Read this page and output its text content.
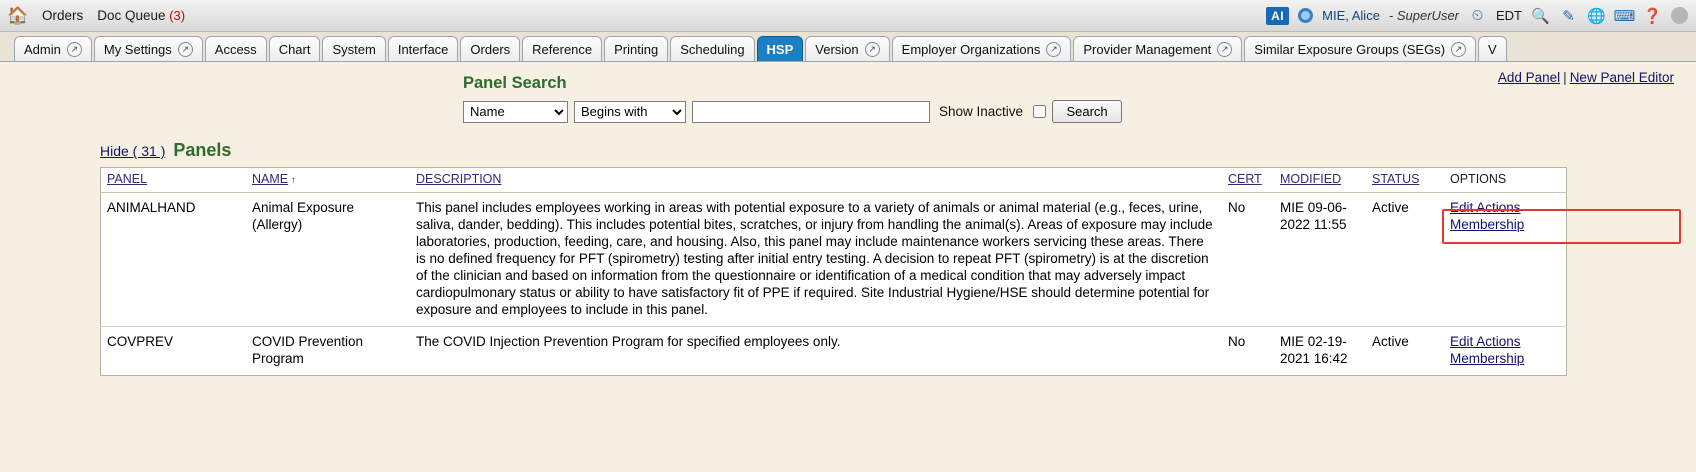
🏠 Orders Doc Queue (3)	AI	MIE, Alice - SuperUser ⏲ EDT 🔍 ✎ 🌐 ⌨ ❓
Admin	↗ My Settings	↗ Access Chart System Interface Orders Reference Printing Scheduling HSP Version	↗ Employer Organizations	↗ Provider Management	↗ Similar Exposure Groups (SEGs)	↗ V
Add Panel | New Panel Editor
Panel Search
Name
Begins with
Show Inactive	Search
Hide ( 31 ) Panels
PANEL	NAME ↑	DESCRIPTION	CERT	MODIFIED	STATUS	OPTIONS
ANIMALHAND	Animal Exposure (Allergy)	This panel includes employees working in areas with potential exposure to a variety of animals or animal material (e.g., feces, urine, saliva, dander, bedding). This includes potential bites, scratches, or injury from handling the animal(s). Areas of exposure may include laboratories, production, feeding, care, and housing. Also, this panel may include maintenance workers servicing these areas. There is no defined frequency for PFT (spirometry) testing after initial entry testing. A decision to repeat PFT (spirometry) is at the discretion of the clinician and based on information from the questionnaire or identification of a medical condition that may adversely impact cardiopulmonary status or ability to have satisfactory fit of PPE if required. Site Industrial Hygiene/HSE should determine potential for exposure and employees to include in this panel.	No	MIE 09-06-2022 11:55	Active	Edit Actions
Membership

COVPREV	COVID Prevention Program	The COVID Injection Prevention Program for specified employees only.	No	MIE 02-19-2021 16:42	Active	Edit Actions
Membership
